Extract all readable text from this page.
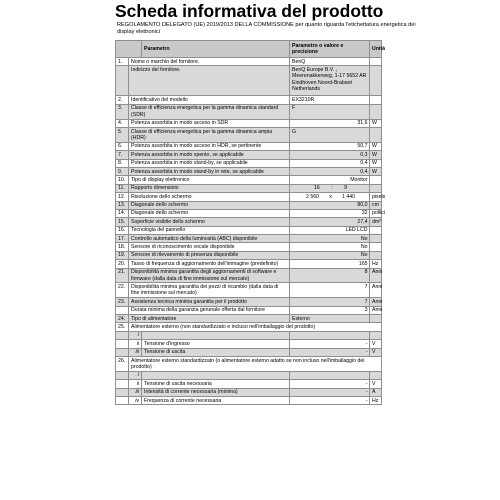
Scheda informativa del prodotto
REGOLAMENTO DELEGATO (UE) 2019/2013 DELLA COMMISSIONE per quanto riguarda l'etichettatura energetica dei display elettronici
		Parametro	Parametro o valore e precisione	Unità
1.	Nome o marchio del fornitore.		BenQ	
	Indirizzo del fornitore.		BenQ Europe B.V. , Meerenakkerweg, 1-17 5652 AR Eindhoven Noord-Brabant Netherlands	
2.	Identificativo del modello		EX3210R	
3.	Classe di efficienza energetica per la gamma dinamica standard (SDR)		F	
4.	Potenza assorbita in modo acceso in SDR		31,6	W
5.	Classe di efficienza energetica per la gamma dinamica ampia (HDR)		G	
6.	Potenza assorbita in modo acceso in HDR, se pertinente		50,7	W
7.	Potenza assorbita in modo spento, se applicabile		0,3	W
8.	Potenza assorbita in modo stand-by, se applicabile		0,4	W
9.	Potenza assorbita in modo stand-by in rete, se applicabile		0,4	W
10.	Tipo di display elettronico		Monitor	
11.	Rapporto dimensioni		16 : 9	

12.	Risoluzione dello schermo		2 560 x 1 440	pixels
13.	Diagonale dello schermo		80,0	cm
14.	Diagonale dello schermo		32	pollici
15.	Superficie visibile dello schermo		27,4	dm²
16.	Tecnologia del pannello		LED LCD	
17.	Controllo automatico della luminosità (ABC) disponibile		No	
18.	Sensore di riconoscimento vocale disponibile		No	
19.	Sensore di rilevamento di presenza disponibile		No	
20.	Tasso di frequenza di aggiornamento dell'immagine (predefinito)		165	Hz
21.	Disponibilità minima garantita degli aggiornamenti di software e firmware (dalla data di fine immissione sul mercato)		8	Anni
22.	Disponibilità minima garantita dei pezzi di ricambio (dalla data di fine immissione sul mercato)		7	Anni
23.	Assistenza tecnica minima garantita per il prodotto		7	Anni
	Durata minima della garanzia generale offerta dal fornitore		3	Anni
24.	Tipo di alimentatore		Esterno	
25.	Alimentatore esterno (non standardizzato e incluso nell'imballaggio del prodotto)			
	i			
	ii	Tensione d'ingresso	-	V
	iii	Tensione di uscita	-	V
26.	Alimentatore esterno standardizzato (o alimentatore esterno adatto se non incluso nell'imballaggio del prodotto)			
	i			
	ii	Tensione di uscita necessaria	-	V
	iii	Intensità di corrente necessaria (minima)	-	A
	iv	Frequenza di corrente necessaria	-	Hz
